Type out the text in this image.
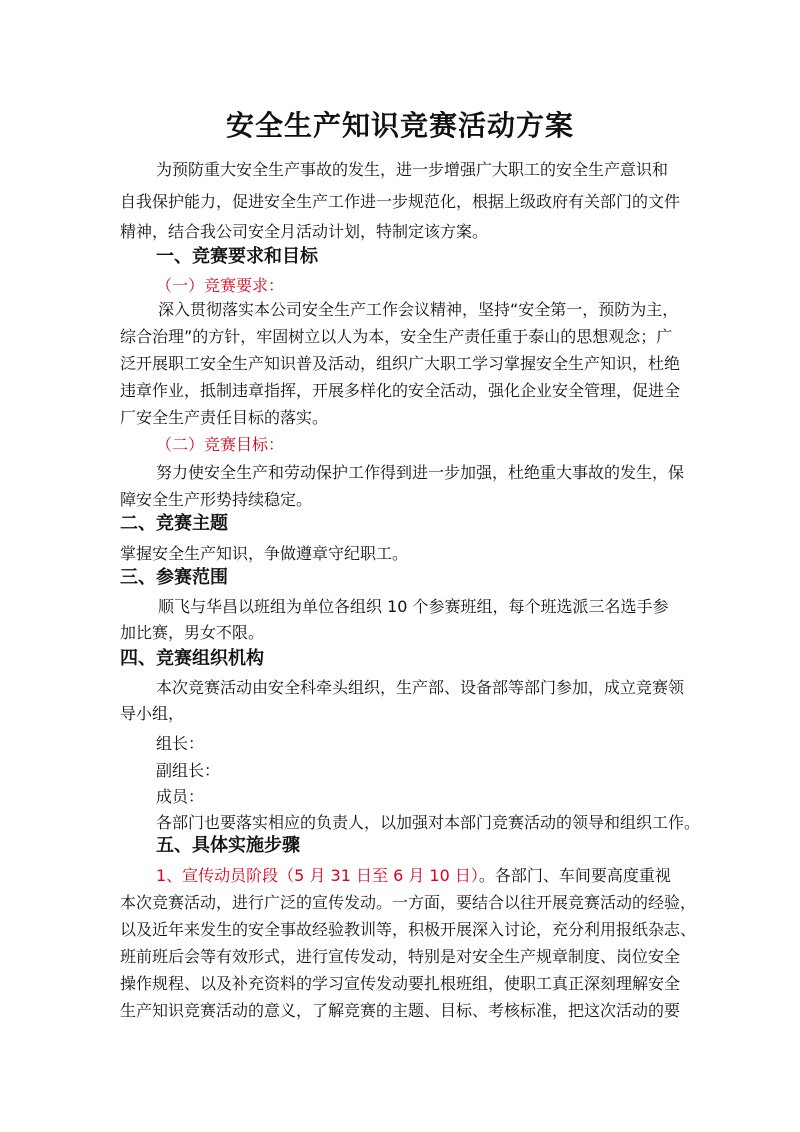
安全生产知识竞赛活动方案
为预防重大安全生产事故的发生，进一步增强广大职工的安全生产意识和
自我保护能力，促进安全生产工作进一步规范化，根据上级政府有关部门的文件
精神，结合我公司安全月活动计划，特制定该方案。
一、竞赛要求和目标
（一）竞赛要求：
深入贯彻落实本公司安全生产工作会议精神，坚持“安全第一，预防为主，
综合治理”的方针，牢固树立以人为本，安全生产责任重于泰山的思想观念；广
泛开展职工安全生产知识普及活动，组织广大职工学习掌握安全生产知识，杜绝
违章作业，抵制违章指挥，开展多样化的安全活动，强化企业安全管理，促进全
厂安全生产责任目标的落实。
（二）竞赛目标：
努力使安全生产和劳动保护工作得到进一步加强，杜绝重大事故的发生，保
障安全生产形势持续稳定。
二、竞赛主题
掌握安全生产知识，争做遵章守纪职工。
三、参赛范围
顺飞与华昌以班组为单位各组织 10 个参赛班组，每个班选派三名选手参
加比赛，男女不限。
四、竞赛组织机构
本次竞赛活动由安全科牵头组织，生产部、设备部等部门参加，成立竞赛领
导小组，
组长：
副组长：
成员：
各部门也要落实相应的负责人，以加强对本部门竞赛活动的领导和组织工作。
五、具体实施步骤
1、宣传动员阶段（5 月 31 日至 6 月 10 日）。各部门、车间要高度重视
本次竞赛活动，进行广泛的宣传发动。一方面，要结合以往开展竞赛活动的经验，
以及近年来发生的安全事故经验教训等，积极开展深入讨论，充分利用报纸杂志、
班前班后会等有效形式，进行宣传发动，特别是对安全生产规章制度、岗位安全
操作规程、以及补充资料的学习宣传发动要扎根班组，使职工真正深刻理解安全
生产知识竞赛活动的意义，了解竞赛的主题、目标、考核标准，把这次活动的要
